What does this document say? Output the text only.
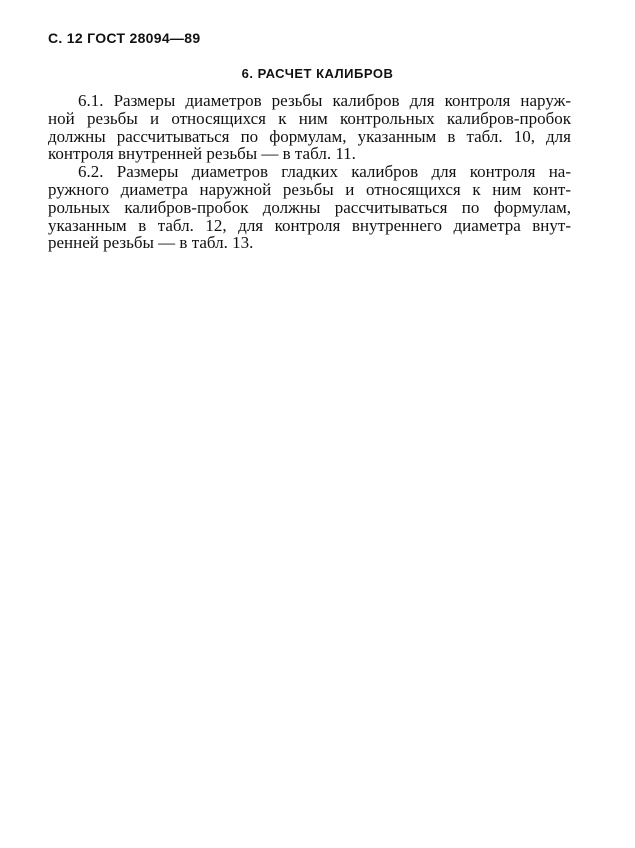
С. 12 ГОСТ 28094—89
6. РАСЧЕТ КАЛИБРОВ
6.1. Размеры диаметров резьбы калибров для контроля наруж-
ной резьбы и относящихся к ним контрольных калибров-пробок
должны рассчитываться по формулам, указанным в табл. 10, для
контроля внутренней резьбы — в табл. 11.
6.2. Размеры диаметров гладких калибров для контроля на-
ружного диаметра наружной резьбы и относящихся к ним конт-
рольных калибров-пробок должны рассчитываться по формулам,
указанным в табл. 12, для контроля внутреннего диаметра внут-
ренней резьбы — в табл. 13.
